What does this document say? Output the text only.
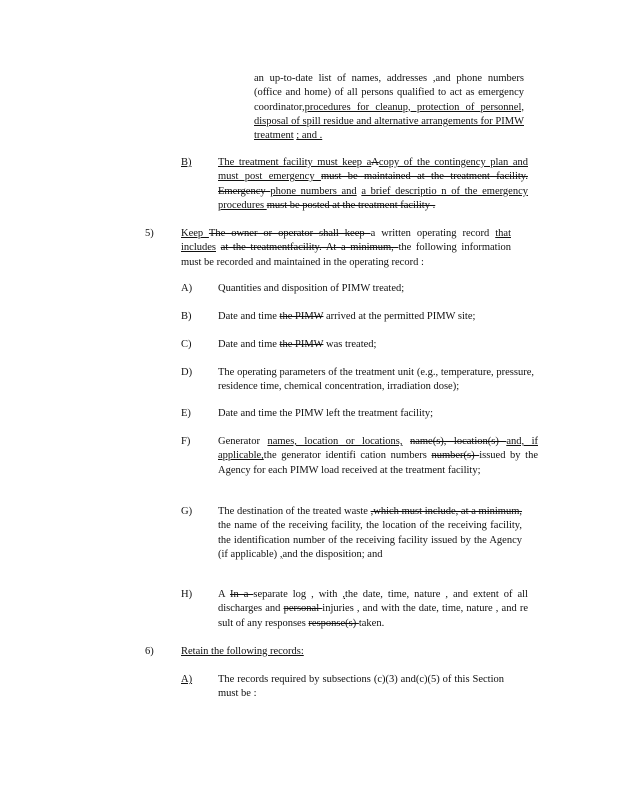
an up-to-date list of names, addresses ,and phone numbers (office and home) of all persons qualified to act as emergency coordinator,procedures for cleanup, protection of personnel, disposal of spill residue and alternative arrangements for PIMW treatment ; and .
B)	The treatment facility must keep aAcopy of the contingency plan and must post emergency must be maintained at the treatment facility. Emergency phone numbers and a brief descriptio n of the emergency procedures must be posted at the treatment facility .
5)	Keep The owner or operator shall keep a written operating record that includes at the treatmentfacility. At a minimum, the following information must be recorded and maintained in the operating record :
A) Quantities and disposition of PIMW treated;
B)	Date and time the PIMW arrived at the permitted PIMW site;
C)	Date and time the PIMW was treated;
D) The operating parameters of the treatment unit (e.g., temperature, pressure, residence time, chemical concentration, irradiation dose);
E)	Date and time the PIMW left the treatment facility;
F)	Generator names, location or locations, name(s), location(s) and, if applicable,the generator identifi cation numbers number(s) issued by the Agency for each PIMW load received at the treatment facility;
G) The destination of the treated waste ,which must include, at a minimum, the name of the receiving facility, the location of the receiving facility, the identification number of the receiving facility issued by the Agency (if applicable) ,and the disposition; and
H) A In a separate log , with ,the date, time, nature , and extent of all discharges and personal injuries , and with the date, time, nature , and re sult of any responses response(s) taken.
6)	Retain the following records:
A) The records required by subsections (c)(3) and(c)(5) of this Section must be :
